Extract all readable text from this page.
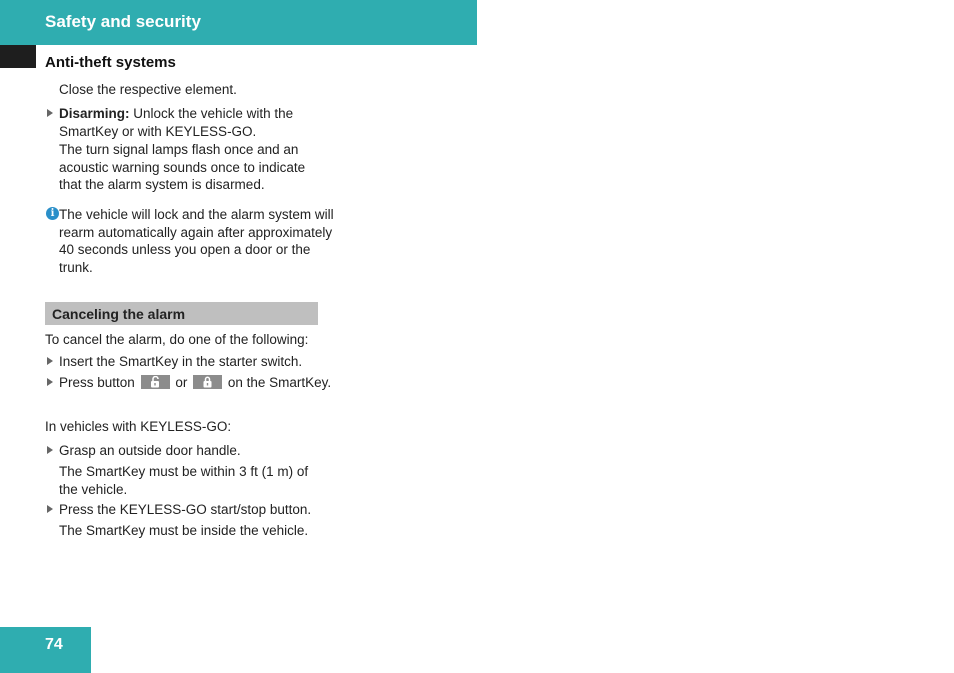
Safety and security
Anti-theft systems

Close the respective element.

Disarming: Unlock the vehicle with the SmartKey or with KEYLESS-GO.

The turn signal lamps flash once and an acoustic warning sounds once to indicate that the alarm system is disarmed.

i The vehicle will lock and the alarm system will rearm automatically again after approximately 40 seconds unless you open a door or the trunk.

Canceling the alarm

To cancel the alarm, do one of the following:

Insert the SmartKey in the starter switch.

Press button	or	on the SmartKey.

In vehicles with KEYLESS-GO:

Grasp an outside door handle.

The SmartKey must be within 3 ft (1 m) of the vehicle.

Press the KEYLESS-GO start/stop button.

The SmartKey must be inside the vehicle.

74
